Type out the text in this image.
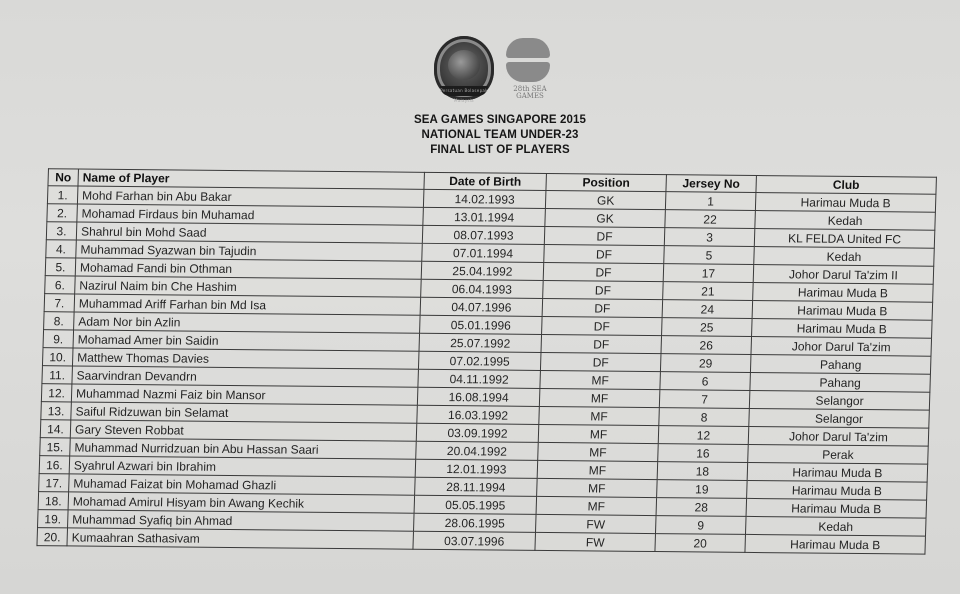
Persatuan Bolasepak Malaysia
28th SEA GAMES
SEA GAMES SINGAPORE 2015
NATIONAL TEAM UNDER-23
FINAL LIST OF PLAYERS
No	Name of Player	Date of Birth	Position	Jersey No	Club
1.	Mohd Farhan bin Abu Bakar	14.02.1993	GK	1	Harimau Muda B
2.	Mohamad Firdaus bin Muhamad	13.01.1994	GK	22	Kedah
3.	Shahrul bin Mohd Saad	08.07.1993	DF	3	KL FELDA United FC
4.	Muhammad Syazwan bin Tajudin	07.01.1994	DF	5	Kedah
5.	Mohamad Fandi bin Othman	25.04.1992	DF	17	Johor Darul Ta'zim II
6.	Nazirul Naim bin Che Hashim	06.04.1993	DF	21	Harimau Muda B
7.	Muhammad Ariff Farhan bin Md Isa	04.07.1996	DF	24	Harimau Muda B
8.	Adam Nor bin Azlin	05.01.1996	DF	25	Harimau Muda B
9.	Mohamad Amer bin Saidin	25.07.1992	DF	26	Johor Darul Ta'zim
10.	Matthew Thomas Davies	07.02.1995	DF	29	Pahang
11.	Saarvindran Devandrn	04.11.1992	MF	6	Pahang
12.	Muhammad Nazmi Faiz bin Mansor	16.08.1994	MF	7	Selangor
13.	Saiful Ridzuwan bin Selamat	16.03.1992	MF	8	Selangor
14.	Gary Steven Robbat	03.09.1992	MF	12	Johor Darul Ta'zim
15.	Muhammad Nurridzuan bin Abu Hassan Saari	20.04.1992	MF	16	Perak
16.	Syahrul Azwari bin Ibrahim	12.01.1993	MF	18	Harimau Muda B
17.	Muhamad Faizat bin Mohamad Ghazli	28.11.1994	MF	19	Harimau Muda B
18.	Mohamad Amirul Hisyam bin Awang Kechik	05.05.1995	MF	28	Harimau Muda B
19.	Muhammad Syafiq bin Ahmad	28.06.1995	FW	9	Kedah
20.	Kumaahran Sathasivam	03.07.1996	FW	20	Harimau Muda B
